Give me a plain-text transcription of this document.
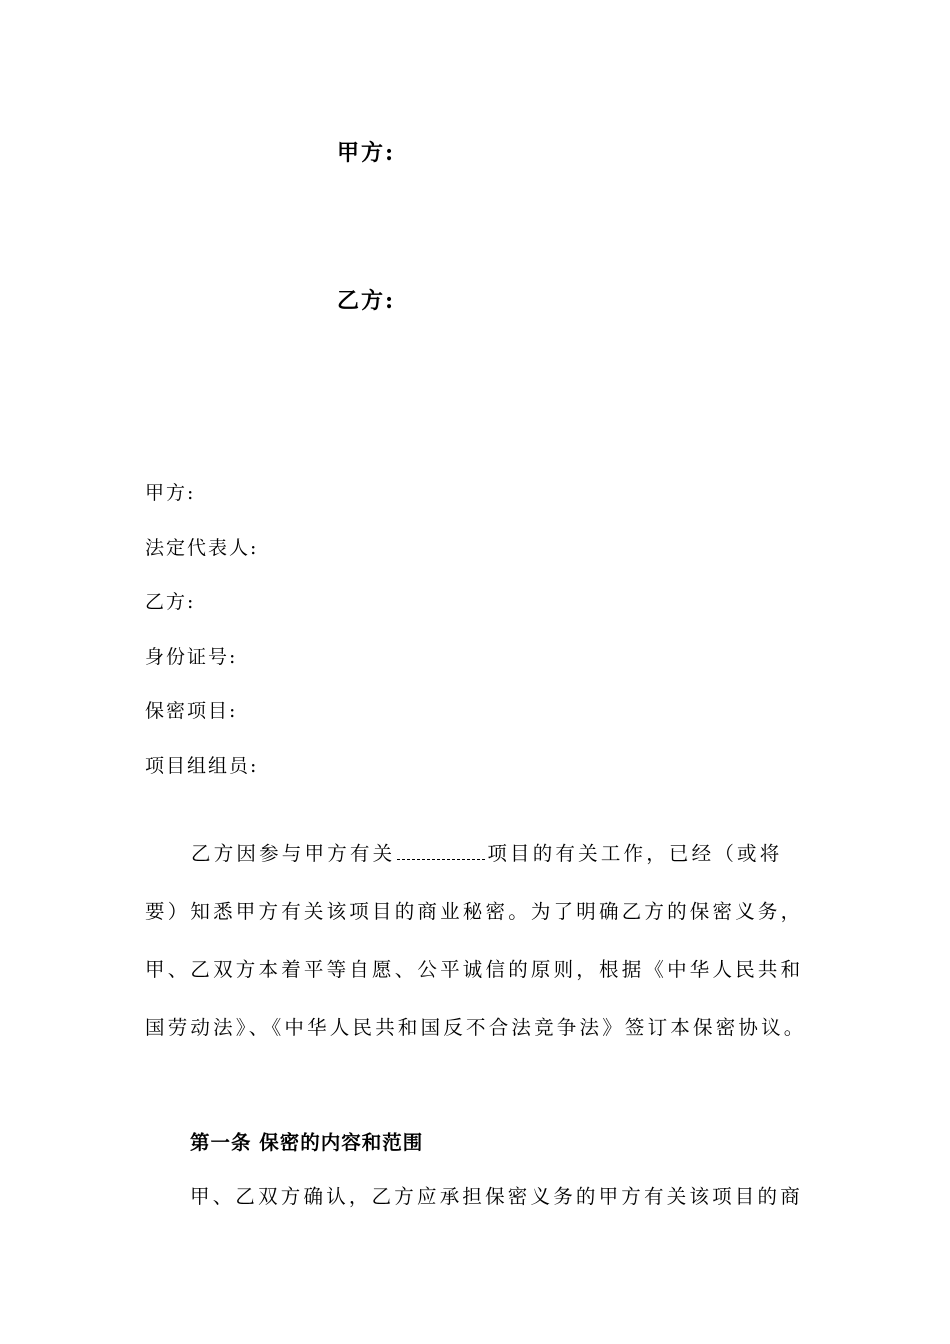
甲方:
乙方:
甲方:
法定代表人:
乙方:
身份证号:
保密项目:
项目组组员:
乙方因参与甲方有关	项目的有关工作，已经（或将
要）知悉甲方有关该项目的商业秘密。为了明确乙方的保密义务，
甲、乙双方本着平等自愿、公平诚信的原则，根据《中华人民共和
国劳动法》、《中华人民共和国反不合法竞争法》签订本保密协议。
第一条 保密的内容和范围
甲、乙双方确认，乙方应承担保密义务的甲方有关该项目的商
